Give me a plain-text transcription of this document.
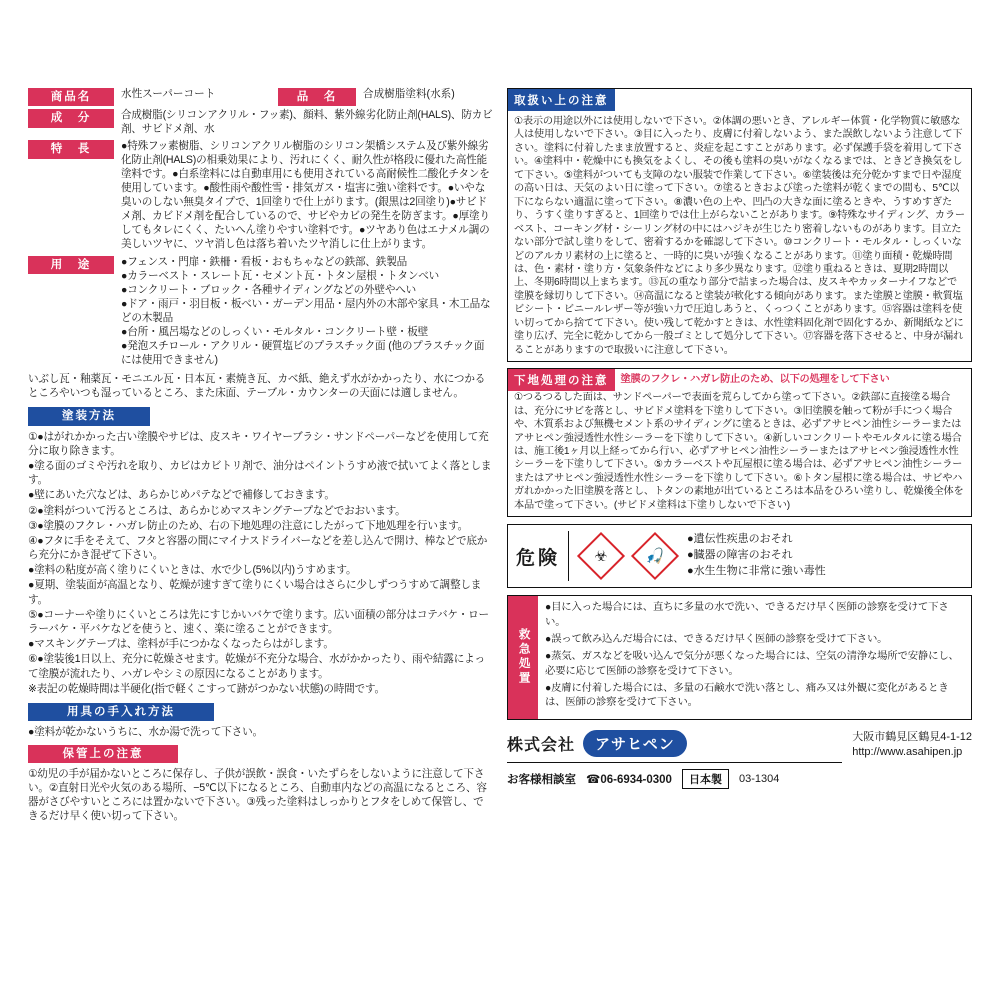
商品名	水性スーパーコート	品　名	合成樹脂塗料(水系)
成　分	合成樹脂(シリコンアクリル・フッ素)、顔料、紫外線劣化防止剤(HALS)、防カビ剤、サビドメ剤、水
特　長	●特殊フッ素樹脂、シリコンアクリル樹脂のシリコン架橋システム及び紫外線劣化防止剤(HALS)の相乗効果により、汚れにくく、耐久性が格段に優れた高性能塗料です。●白系塗料には自動車用にも使用されている高耐候性二酸化チタンを使用しています。●酸性雨や酸性雪・排気ガス・塩害に強い塗料です。●いやな臭いのしない無臭タイプで、1回塗りで仕上がります。(銀黒は2回塗り)●サビドメ剤、カビドメ剤を配合しているので、サビやカビの発生を防ぎます。●厚塗りしてもタレにくく、たいへん塗りやすい塗料です。●ツヤあり色はエナメル調の美しいツヤに、ツヤ消し色は落ち着いたツヤ消しに仕上がります。
用　途	●フェンス・門扉・鉄柵・看板・おもちゃなどの鉄部、鉄製品
●カラーベスト・スレート瓦・セメント瓦・トタン屋根・トタンべい
●コンクリート・ブロック・各種サイディングなどの外壁やへい
●ドア・雨戸・羽目板・板べい・ガーデン用品・屋内外の木部や家具・木工品などの木製品
●台所・風呂場などのしっくい・モルタル・コンクリート壁・板壁
●発泡スチロール・アクリル・硬質塩ビのプラスチック面 (他のプラスチック面には使用できません)
いぶし瓦・釉薬瓦・モニエル瓦・日本瓦・素焼き瓦、カベ紙、絶えず水がかかったり、水につかるところやいつも湿っているところ、また床面、テーブル・カウンターの天面には適しません。
塗装方法

①●はがれかかった古い塗膜やサビは、皮スキ・ワイヤーブラシ・サンドペーパーなどを使用して充分に取り除きます。

●塗る面のゴミや汚れを取り、カビはカビトリ剤で、油分はペイントうすめ液で拭いてよく落とします。

●壁にあいた穴などは、あらかじめパテなどで補修しておきます。

②●塗料がついて汚るところは、あらかじめマスキングテープなどでおおいます。

③●塗膜のフクレ・ハガレ防止のため、右の下地処理の注意にしたがって下地処理を行います。

④●フタに手をそえて、フタと容器の間にマイナスドライバーなどを差し込んで開け、棒などで底から充分にかき混ぜて下さい。

●塗料の粘度が高く塗りにくいときは、水で少し(5%以内)うすめます。

●夏期、塗装面が高温となり、乾燥が速すぎて塗りにくい場合はさらに少しずつうすめて調整します。

⑤●コーナーや塗りにくいところは先にすじかいバケで塗ります。広い面積の部分はコテバケ・ローラーバケ・平バケなどを使うと、速く、楽に塗ることができます。

●マスキングテープは、塗料が手につかなくなったらはがします。

⑥●塗装後1日以上、充分に乾燥させます。乾燥が不充分な場合、水がかかったり、雨や結露によって塗膜が流れたり、ハガレやシミの原因になることがあります。

※表記の乾燥時間は半硬化(指で軽くこすって跡がつかない状態)の時間です。

用具の手入れ方法
●塗料が乾かないうちに、水か湯で洗って下さい。
保管上の注意
①幼児の手が届かないところに保存し、子供が誤飲・誤食・いたずらをしないように注意して下さい。②直射日光や火気のある場所、−5℃以下になるところ、自動車内などの高温になるところ、容器がさびやすいところには置かないで下さい。③残った塗料はしっかりとフタをしめて保管し、できるだけ早く使い切って下さい。
取扱い上の注意
①表示の用途以外には使用しないで下さい。②体調の悪いとき、アレルギー体質・化学物質に敏感な人は使用しないで下さい。③目に入ったり、皮膚に付着しないよう、また誤飲しないよう注意して下さい。塗料に付着したまま放置すると、炎症を起こすことがあります。必ず保護手袋を着用して下さい。④塗料中・乾燥中にも換気をよくし、その後も塗料の臭いがなくなるまでは、ときどき換気をして下さい。⑤塗料がついても支障のない服装で作業して下さい。⑥塗装後は充分乾かすまで日や湿度の高い日は、天気のよい日に塗って下さい。⑦塗るときおよび塗った塗料が乾くまでの間も、5℃以下にならない適温に塗って下さい。⑧濃い色の上や、凹凸の大きな面に塗るときや、うすめすぎたり、うすく塗りすぎると、1回塗りでは仕上がらないことがあります。⑨特殊なサイディング、カラーベスト、コーキング材・シーリング材の中にはハジキが生じたり密着しないものがあります。目立たない部分で試し塗りをして、密着するかを確認して下さい。⑩コンクリート・モルタル・しっくいなどのアルカリ素材の上に塗ると、一時的に臭いが強くなることがあります。⑪塗り面積・乾燥時間は、色・素材・塗り方・気象条件などにより多少異なります。⑫塗り重ねるときは、夏期2時間以上、冬期6時間以上まちます。⑬瓦の重なり部分で詰まった場合は、皮スキやカッターナイフなどで塗膜を縁切りして下さい。⑭高温になると塗装が軟化する傾向があります。また塗膜と塗膜・軟質塩ビシート・ビニールレザー等が強い力で圧迫しあうと、くっつくことがあります。⑮容器は塗料を使い切ってから捨てて下さい。使い残して乾かすときは、水性塗料固化剤で固化するか、新聞紙などに塗り広げ、完全に乾かしてから一般ゴミとして処分して下さい。⑰容器を落下させると、中身が漏れることがありますので取扱いに注意して下さい。
下地処理の注意	塗膜のフクレ・ハガレ防止のため、以下の処理をして下さい
①つるつるした面は、サンドペーパーで表面を荒らしてから塗って下さい。②鉄部に直接塗る場合は、充分にサビを落とし、サビドメ塗料を下塗りして下さい。③旧塗膜を触って粉が手につく場合や、木質系および無機セメント系のサイディングに塗るときは、必ずアサヒペン油性シーラーまたはアサヒペン強浸透性水性シーラーを下塗りして下さい。④新しいコンクリートやモルタルに塗る場合は、施工後1ヶ月以上経ってから行い、必ずアサヒペン油性シーラーまたはアサヒペン強浸透性水性シーラーを下塗りして下さい。⑤カラーベストや瓦屋根に塗る場合は、必ずアサヒペン油性シーラーまたはアサヒペン強浸透性水性シーラーを下塗りして下さい。⑥トタン屋根に塗る場合は、サビやハガれかかった旧塗膜を落とし、トタンの素地が出ているところは本品をひろい塗りし、乾燥後全体を本品で塗って下さい。(サビドメ塗料は下塗りしないで下さい)
危険	☣	🎣
●遺伝性疾患のおそれ
●臓器の障害のおそれ
●水生生物に非常に強い毒性
救急処置

●目に入った場合には、直ちに多量の水で洗い、できるだけ早く医師の診察を受けて下さい。

●誤って飲み込んだ場合には、できるだけ早く医師の診察を受けて下さい。

●蒸気、ガスなどを吸い込んで気分が悪くなった場合には、空気の清浄な場所で安静にし、必要に応じて医師の診察を受けて下さい。

●皮膚に付着した場合には、多量の石鹸水で洗い落とし、痛み又は外観に変化があるときは、医師の診察を受けて下さい。

株式会社	アサヒペン
お客様相談室 ☎06-6934-0300	日本製	03-1304
大阪市鶴見区鶴見4-1-12
http://www.asahipen.jp
